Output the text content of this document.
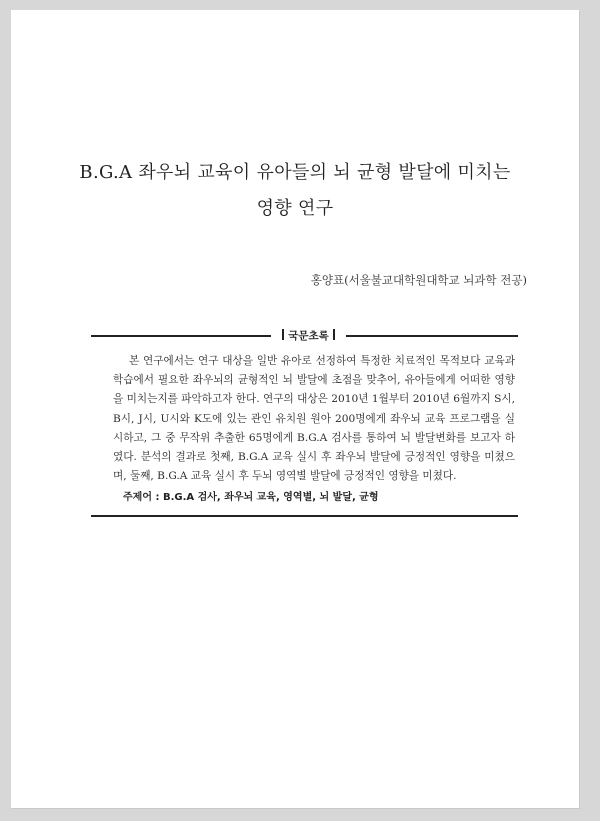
B.G.A 좌우뇌 교육이 유아들의 뇌 균형 발달에 미치는
영향 연구
홍양표(서울불교대학원대학교 뇌과학 전공)
국문초록

본 연구에서는 연구 대상을 일반 유아로 선정하여 특정한 치료적인 목적보다 교육과 학습에서 필요한 좌우뇌의 균형적인 뇌 발달에 초점을 맞추어, 유아들에게 어떠한 영향을 미치는지를 파악하고자 한다. 연구의 대상은 2010년 1월부터 2010년 6월까지 S시, B시, J시, U시와 K도에 있는 관인 유치원 원아 200명에게 좌우뇌 교육 프로그램을 실시하고, 그 중 무작위 추출한 65명에게 B.G.A 검사를 통하여 뇌 발달변화를 보고자 하였다. 분석의 결과로 첫째, B.G.A 교육 실시 후 좌우뇌 발달에 긍정적인 영향을 미쳤으며, 둘째, B.G.A 교육 실시 후 두뇌 영역별 발달에 긍정적인 영향을 미쳤다.

주제어 : B.G.A 검사, 좌우뇌 교육, 영역별, 뇌 발달, 균형
